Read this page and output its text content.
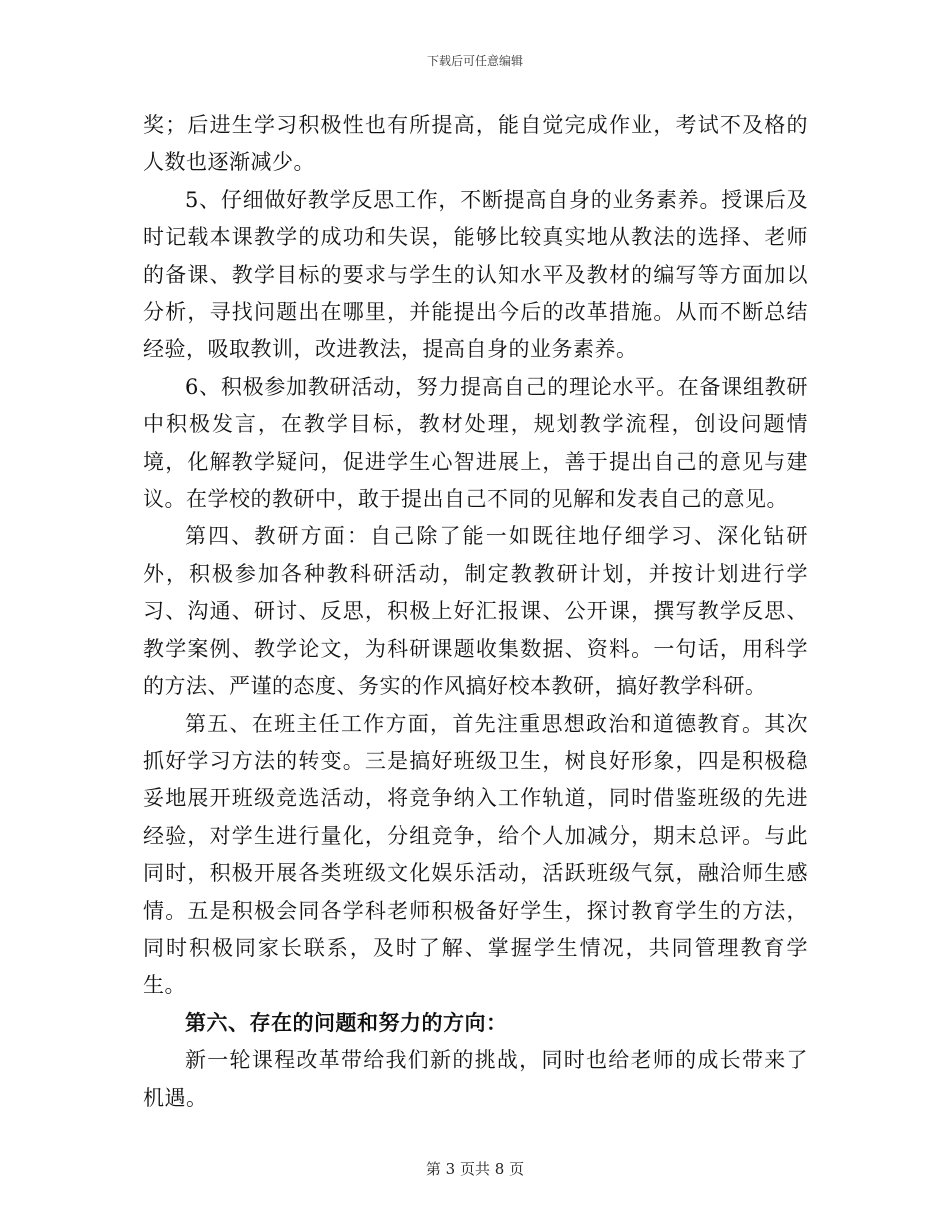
下载后可任意编辑

奖；后进生学习积极性也有所提高，能自觉完成作业，考试不及格的人数也逐渐减少。

5、仔细做好教学反思工作，不断提高自身的业务素养。授课后及时记载本课教学的成功和失误，能够比较真实地从教法的选择、老师的备课、教学目标的要求与学生的认知水平及教材的编写等方面加以分析，寻找问题出在哪里，并能提出今后的改革措施。从而不断总结经验，吸取教训，改进教法，提高自身的业务素养。

6、积极参加教研活动，努力提高自己的理论水平。在备课组教研中积极发言，在教学目标，教材处理，规划教学流程，创设问题情境，化解教学疑问，促进学生心智进展上，善于提出自己的意见与建议。在学校的教研中，敢于提出自己不同的见解和发表自己的意见。

第四、教研方面：自己除了能一如既往地仔细学习、深化钻研外，积极参加各种教科研活动，制定教教研计划，并按计划进行学习、沟通、研讨、反思，积极上好汇报课、公开课，撰写教学反思、教学案例、教学论文，为科研课题收集数据、资料。一句话，用科学的方法、严谨的态度、务实的作风搞好校本教研，搞好教学科研。

第五、在班主任工作方面，首先注重思想政治和道德教育。其次抓好学习方法的转变。三是搞好班级卫生，树良好形象，四是积极稳妥地展开班级竞选活动，将竞争纳入工作轨道，同时借鉴班级的先进经验，对学生进行量化，分组竞争，给个人加减分，期末总评。与此同时，积极开展各类班级文化娱乐活动，活跃班级气氛，融洽师生感情。五是积极会同各学科老师积极备好学生，探讨教育学生的方法，同时积极同家长联系，及时了解、掌握学生情况，共同管理教育学生。

第六、存在的问题和努力的方向：

新一轮课程改革带给我们新的挑战，同时也给老师的成长带来了机遇。

第 3 页共 8 页
